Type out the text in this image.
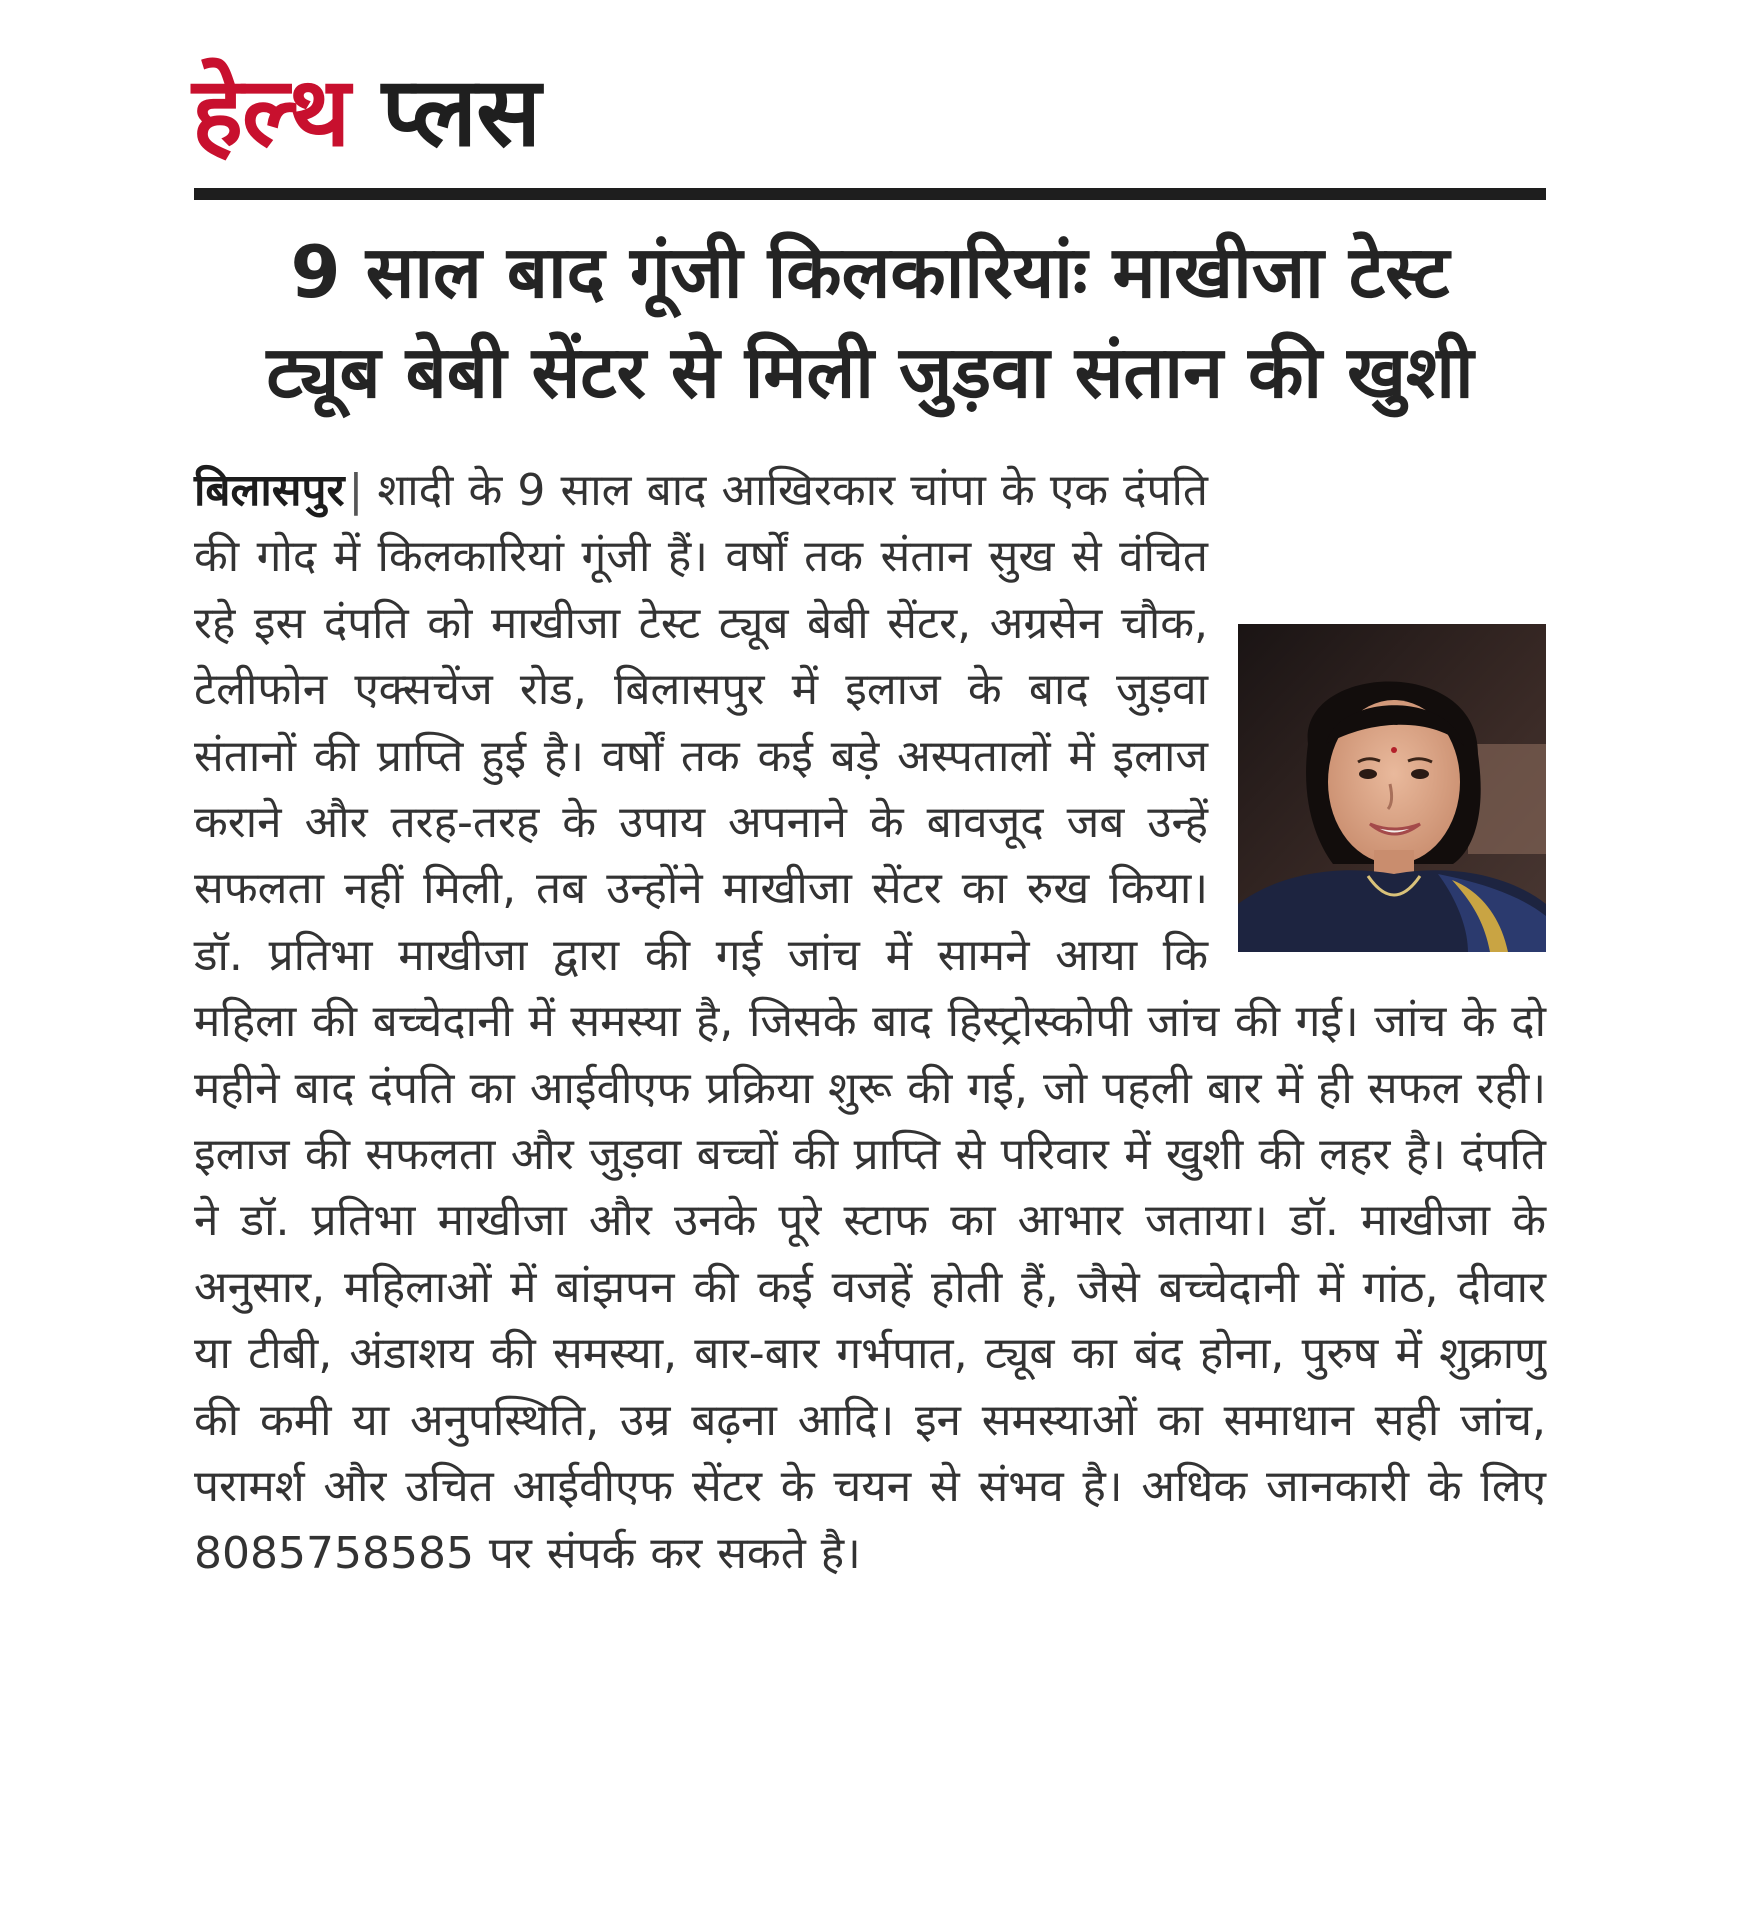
हेल्थ प्लस
9 साल बाद गूंजी किलकारियांः माखीजा टेस्ट
ट्यूब बेबी सेंटर से मिली जुड़वा संतान की खुशी
बिलासपुर| शादी के 9 साल बाद आखिरकार चांपा के एक दंपति की गोद में किलकारियां गूंजी हैं। वर्षों तक संतान सुख से वंचित रहे इस दंपति को माखीजा टेस्ट ट्यूब बेबी सेंटर, अग्रसेन चौक, टेलीफोन एक्सचेंज रोड, बिलासपुर में इलाज के बाद जुड़वा संतानों की प्राप्ति हुई है। वर्षों तक कई बड़े अस्पतालों में इलाज कराने और तरह-तरह के उपाय अपनाने के बावजूद जब उन्हें सफलता नहीं मिली, तब उन्होंने माखीजा सेंटर का रुख किया। डॉ. प्रतिभा माखीजा द्वारा की गई जांच में सामने आया कि महिला की बच्चेदानी में समस्या है, जिसके बाद हिस्ट्रोस्कोपी जांच की गई। जांच के दो महीने बाद दंपति का आईवीएफ प्रक्रिया शुरू की गई, जो पहली बार में ही सफल रही। इलाज की सफलता और जुड़वा बच्चों की प्राप्ति से परिवार में खुशी की लहर है। दंपति ने डॉ. प्रतिभा माखीजा और उनके पूरे स्टाफ का आभार जताया। डॉ. माखीजा के अनुसार, महिलाओं में बांझपन की कई वजहें होती हैं, जैसे बच्चेदानी में गांठ, दीवार या टीबी, अंडाशय की समस्या, बार-बार गर्भपात, ट्यूब का बंद होना, पुरुष में शुक्राणु की कमी या अनुपस्थिति, उम्र बढ़ना आदि। इन समस्याओं का समाधान सही जांच, परामर्श और उचित आईवीएफ सेंटर के चयन से संभव है। अधिक जानकारी के लिए 8085758585 पर संपर्क कर सकते है।
